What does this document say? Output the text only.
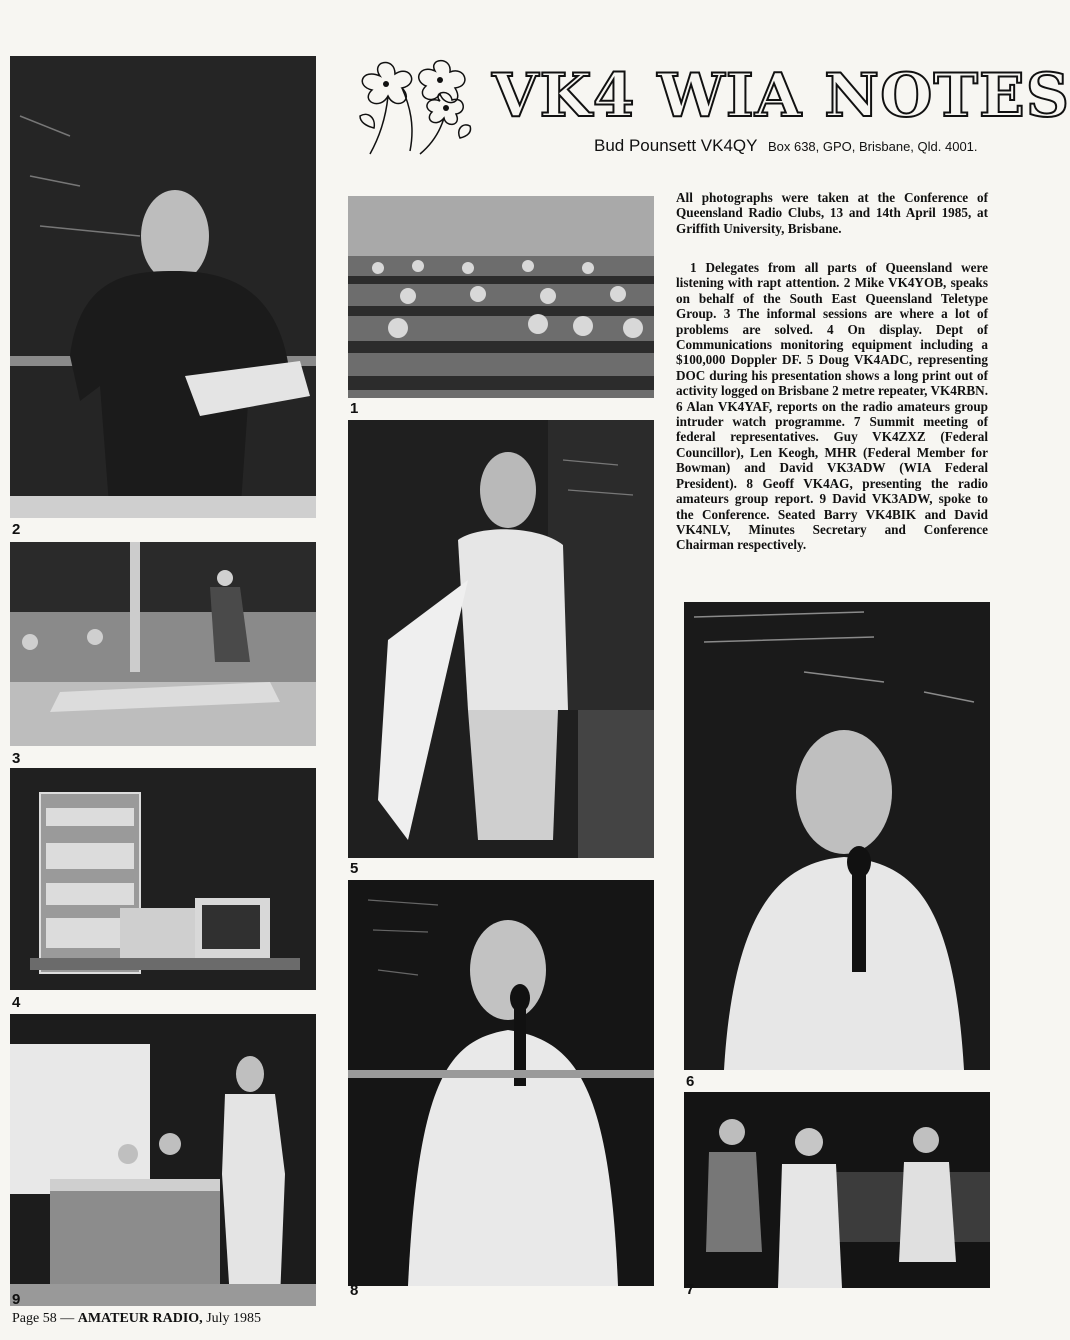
VK4 WIA NOTES
Bud Pounsett VK4QY Box 638, GPO, Brisbane, Qld. 4001.
All photographs were taken at the Conference of Queensland Radio Clubs, 13 and 14th April 1985, at Griffith University, Brisbane.
1 Delegates from all parts of Queensland were listening with rapt attention. 2 Mike VK4YOB, speaks on behalf of the South East Queensland Teletype Group. 3 The informal sessions are where a lot of problems are solved. 4 On display. Dept of Communications monitoring equipment including a $100,000 Doppler DF. 5 Doug VK4ADC, representing DOC during his presentation shows a long print out of activity logged on Brisbane 2 metre repeater, VK4RBN. 6 Alan VK4YAF, reports on the radio amateurs group intruder watch programme. 7 Summit meeting of federal representatives. Guy VK4ZXZ (Federal Councillor), Len Keogh, MHR (Federal Member for Bowman) and David VK3ADW (WIA Federal President). 8 Geoff VK4AG, presenting the radio amateurs group report. 9 David VK3ADW, spoke to the Conference. Seated Barry VK4BIK and David VK4NLV, Minutes Secretary and Conference Chairman respectively.
2
1
3
5
4
6
9
8	7
Page 58 — AMATEUR RADIO, July 1985
